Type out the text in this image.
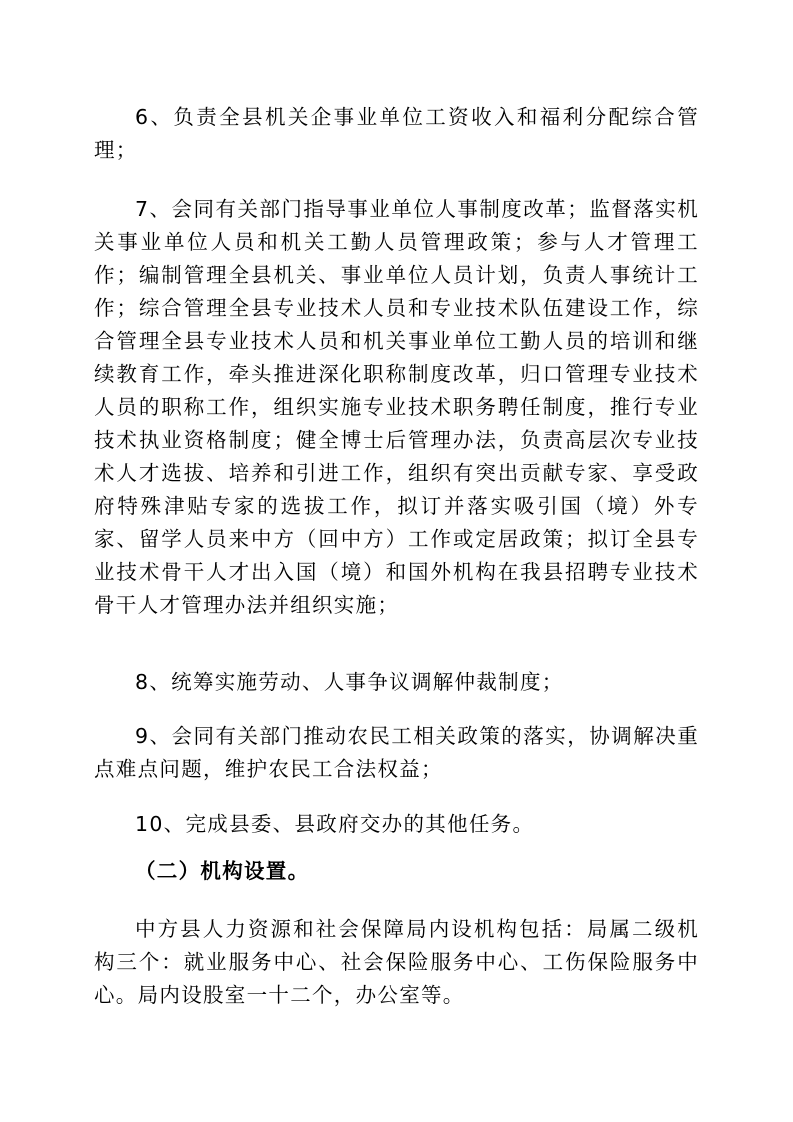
6、负责全县机关企事业单位工资收入和福利分配综合管理；

7、会同有关部门指导事业单位人事制度改革；监督落实机关事业单位人员和机关工勤人员管理政策；参与人才管理工作；编制管理全县机关、事业单位人员计划，负责人事统计工作；综合管理全县专业技术人员和专业技术队伍建设工作，综合管理全县专业技术人员和机关事业单位工勤人员的培训和继续教育工作，牵头推进深化职称制度改革，归口管理专业技术人员的职称工作，组织实施专业技术职务聘任制度，推行专业技术执业资格制度；健全博士后管理办法，负责高层次专业技术人才选拔、培养和引进工作，组织有突出贡献专家、享受政府特殊津贴专家的选拔工作，拟订并落实吸引国（境）外专家、留学人员来中方（回中方）工作或定居政策；拟订全县专业技术骨干人才出入国（境）和国外机构在我县招聘专业技术骨干人才管理办法并组织实施；

8、统筹实施劳动、人事争议调解仲裁制度；

9、会同有关部门推动农民工相关政策的落实，协调解决重点难点问题，维护农民工合法权益；

10、完成县委、县政府交办的其他任务。

（二）机构设置。

中方县人力资源和社会保障局内设机构包括：局属二级机构三个：就业服务中心、社会保险服务中心、工伤保险服务中心。局内设股室一十二个，办公室等。
